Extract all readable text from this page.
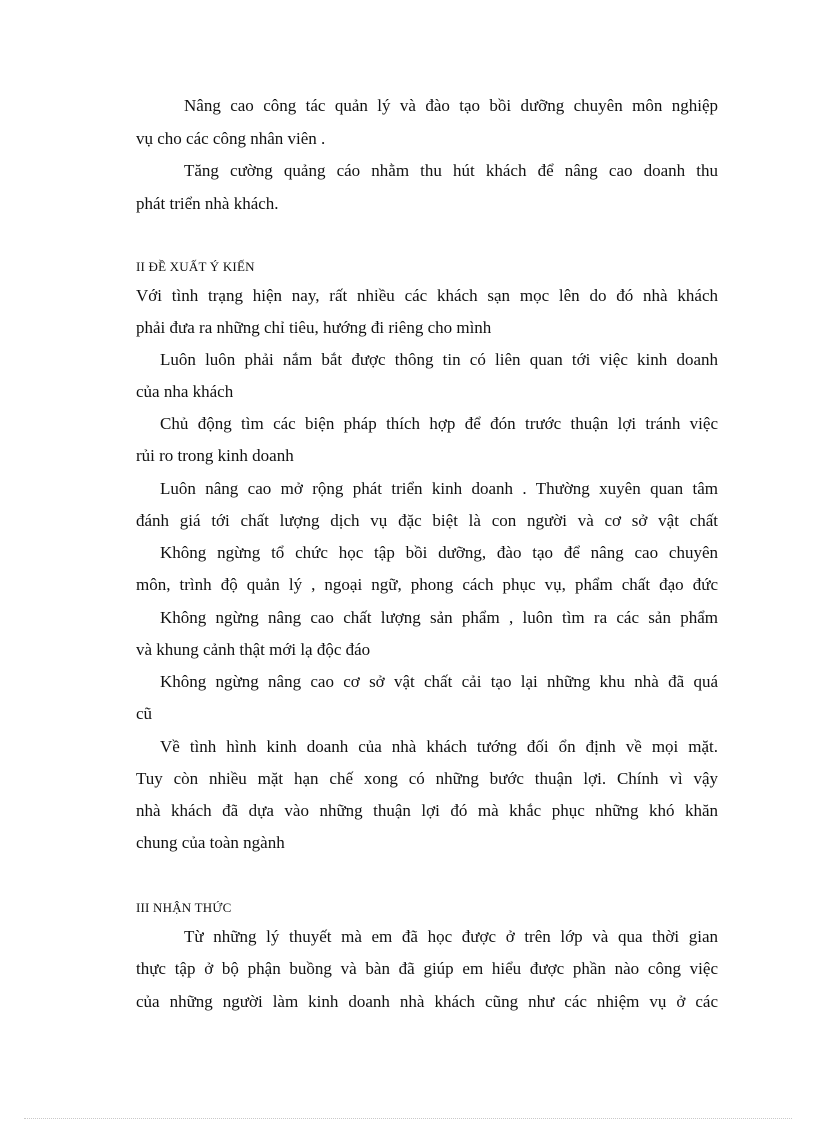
Nâng cao công tác quản lý và đào tạo bồi dưỡng chuyên môn nghiệp
vụ cho các công nhân viên .
Tăng cường quảng cáo nhằm thu hút khách để nâng cao doanh thu
phát triển nhà khách.
II ĐỀ XUẤT Ý KIẾN
Với tình trạng hiện nay, rất nhiều các khách sạn mọc lên do đó nhà khách
phải đưa ra những chỉ tiêu, hướng đi riêng cho mình
Luôn luôn phải nắm bắt được thông tin có liên quan tới việc kinh doanh
của nha khách
Chủ động tìm các biện pháp thích hợp để đón trước thuận lợi tránh việc
rủi ro trong kinh doanh
Luôn nâng cao mở rộng phát triển kinh doanh . Thường xuyên quan tâm
đánh giá tới chất lượng dịch vụ đặc biệt là con người và cơ sở vật chất
Không ngừng tổ chức học tập bồi dưỡng, đào tạo để nâng cao chuyên
môn, trình độ quản lý , ngoại ngữ, phong cách phục vụ, phẩm chất đạo đức
Không ngừng nâng cao chất lượng sản phẩm , luôn tìm ra các sản phẩm
và khung cảnh thật mới lạ độc đáo
Không ngừng nâng cao cơ sở vật chất cải tạo lại những khu nhà đã quá
cũ
Về tình hình kinh doanh của nhà khách tướng đối ổn định về mọi mặt.
Tuy còn nhiều mặt hạn chế xong có những bước thuận lợi. Chính vì vậy
nhà khách đã dựa vào những thuận lợi đó mà khắc phục những khó khăn
chung của toàn ngành
III NHẬN THỨC
Từ những lý thuyết mà em đã học được ở trên lớp và qua thời gian
thực tập ở bộ phận buồng và bàn đã giúp em hiểu được phần nào công việc
của những người làm kinh doanh nhà khách cũng như các nhiệm vụ ở các
